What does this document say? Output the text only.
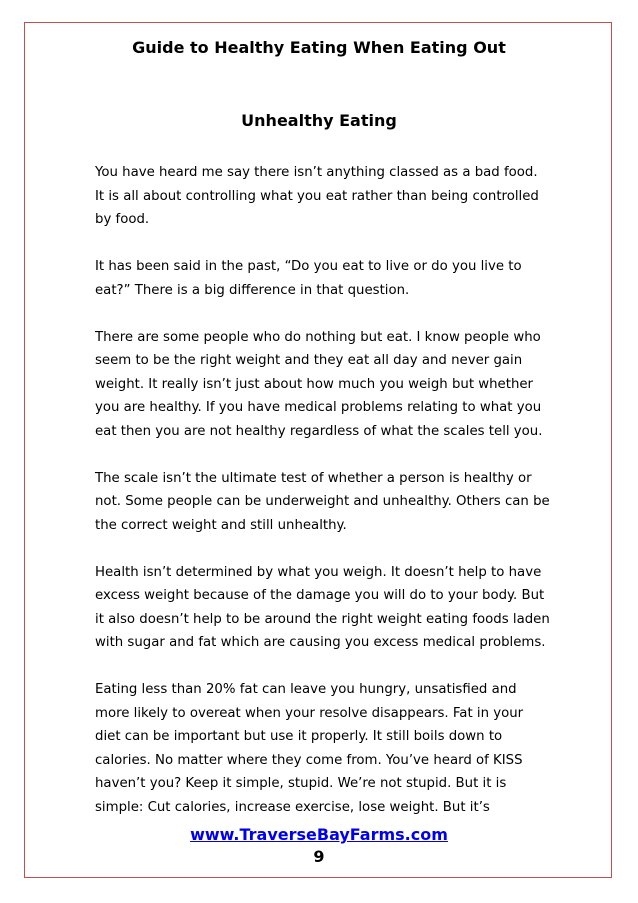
Guide to Healthy Eating When Eating Out
Unhealthy Eating

You have heard me say there isn’t anything classed as a bad food.
It is all about controlling what you eat rather than being controlled
by food.

It has been said in the past, “Do you eat to live or do you live to
eat?” There is a big difference in that question.

There are some people who do nothing but eat. I know people who
seem to be the right weight and they eat all day and never gain
weight. It really isn’t just about how much you weigh but whether
you are healthy. If you have medical problems relating to what you
eat then you are not healthy regardless of what the scales tell you.

The scale isn’t the ultimate test of whether a person is healthy or
not. Some people can be underweight and unhealthy. Others can be
the correct weight and still unhealthy.

Health isn’t determined by what you weigh. It doesn’t help to have
excess weight because of the damage you will do to your body. But
it also doesn’t help to be around the right weight eating foods laden
with sugar and fat which are causing you excess medical problems.

Eating less than 20% fat can leave you hungry, unsatisfied and
more likely to overeat when your resolve disappears. Fat in your
diet can be important but use it properly. It still boils down to
calories. No matter where they come from. You’ve heard of KISS
haven’t you? Keep it simple, stupid. We’re not stupid. But it is
simple: Cut calories, increase exercise, lose weight. But it’s

www.TraverseBayFarms.com
9
